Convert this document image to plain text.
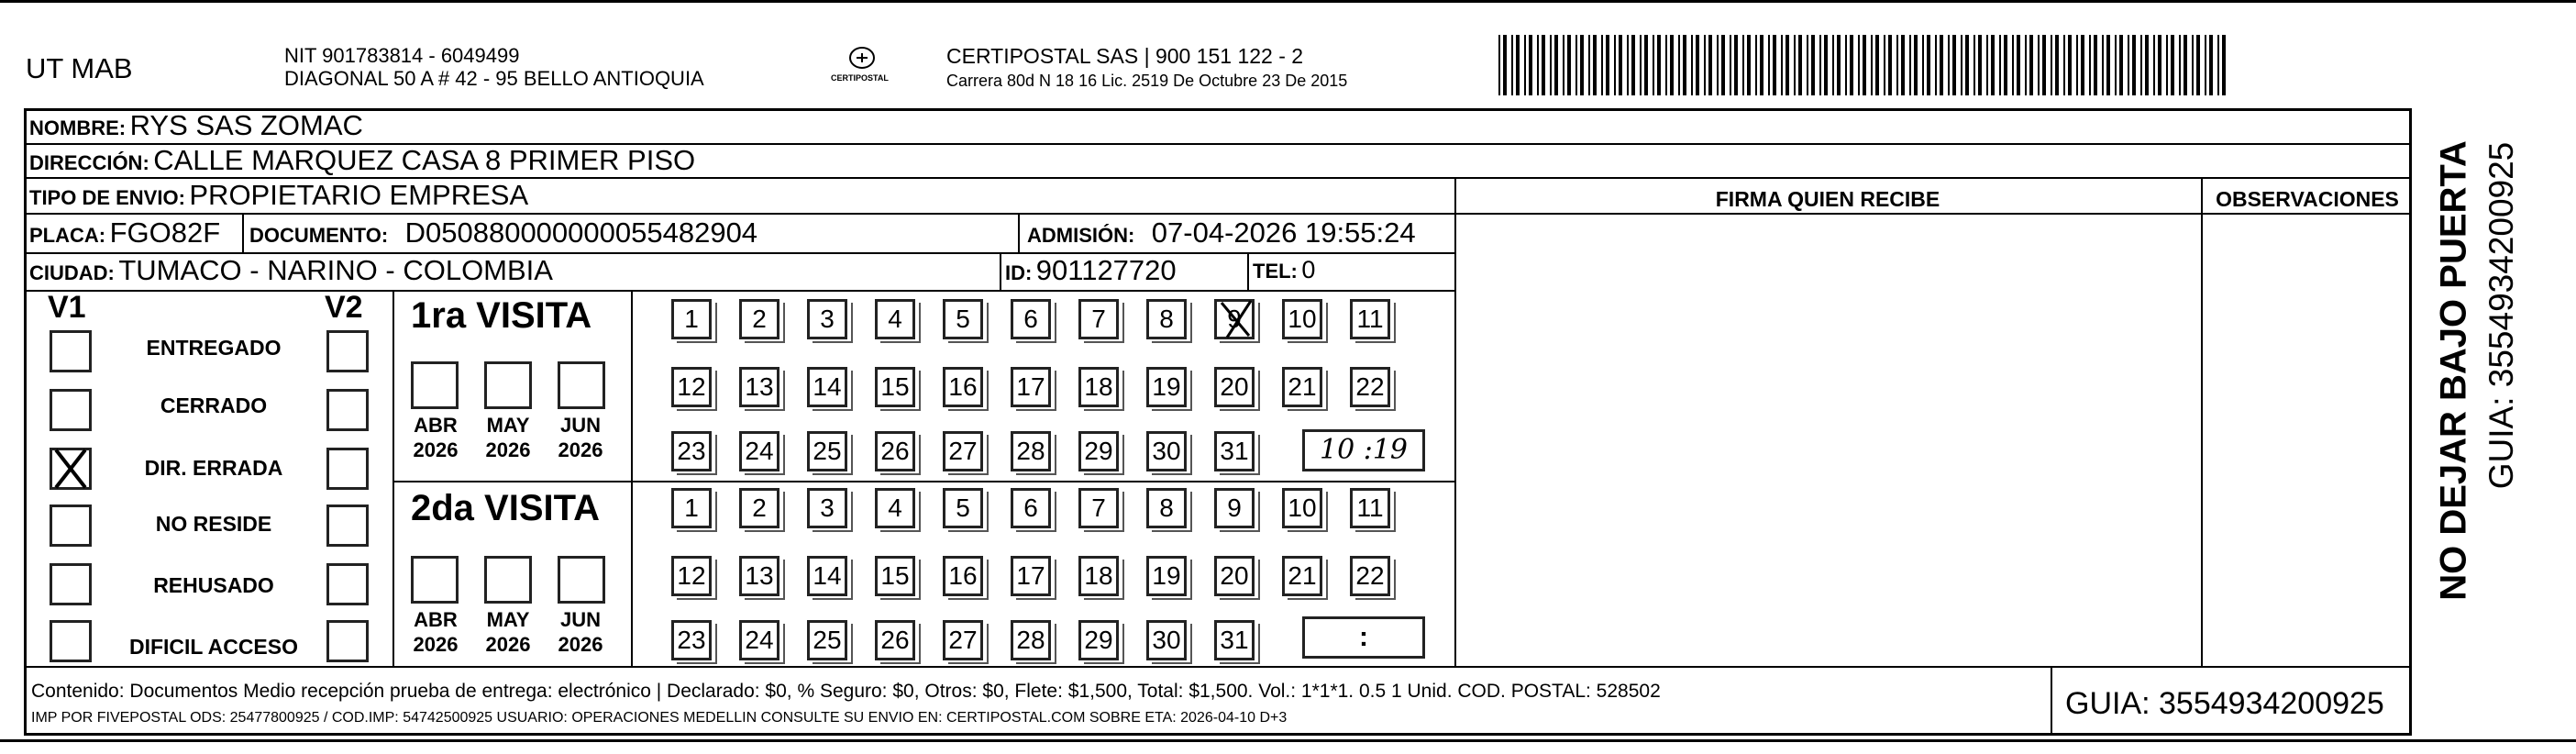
UT MAB	NIT 901783814 - 6049499
DIAGONAL 50 A # 42 - 95 BELLO ANTIOQUIA	CERTIPOSTAL
CERTIPOSTAL SAS | 900 151 122 - 2
Carrera 80d N 18 16 Lic. 2519 De Octubre 23 De 2015
NOMBRE: RYS SAS ZOMAC
DIRECCIÓN: CALLE MARQUEZ CASA 8 PRIMER PISO
TIPO DE ENVIO: PROPIETARIO EMPRESA
PLACA: FGO82F DOCUMENTO: D050880000000055482904	ADMISIÓN: 07-04-2026 19:55:24
CIUDAD: TUMACO - NARINO - COLOMBIA	ID: 901127720	TEL: 0
FIRMA QUIEN RECIBE	OBSERVACIONES
V1	V2
ENTREGADO
CERRADO
DIR. ERRADA
NO RESIDE
REHUSADO
DIFICIL ACCESO
1ra VISITA
ABR
2026
MAY
2026
JUN
2026
1	2	3	4	5	6	7	8	9	10 11
12 13 14 15 16 17 18 19 20 21 22
23 24 25 26 27 28 29 30 31	10 :19
2da VISITA
ABR
2026
MAY
2026
JUN
2026
1	2	3	4	5	6	7	8	9	10 11
12 13 14 15 16 17 18 19 20 21 22
23 24 25 26 27 28 29 30 31	:
Contenido: Documentos Medio recepción prueba de entrega: electrónico | Declarado: $0, % Seguro: $0, Otros: $0, Flete: $1,500, Total: $1,500. Vol.: 1*1*1. 0.5 1 Unid. COD. POSTAL: 528502
IMP POR FIVEPOSTAL ODS: 25477800925 / COD.IMP: 54742500925 USUARIO: OPERACIONES MEDELLIN CONSULTE SU ENVIO EN: CERTIPOSTAL.COM SOBRE ETA: 2026-04-10 D+3	GUIA: 3554934200925
NO DEJAR BAJO PUERTA GUIA: 3554934200925
